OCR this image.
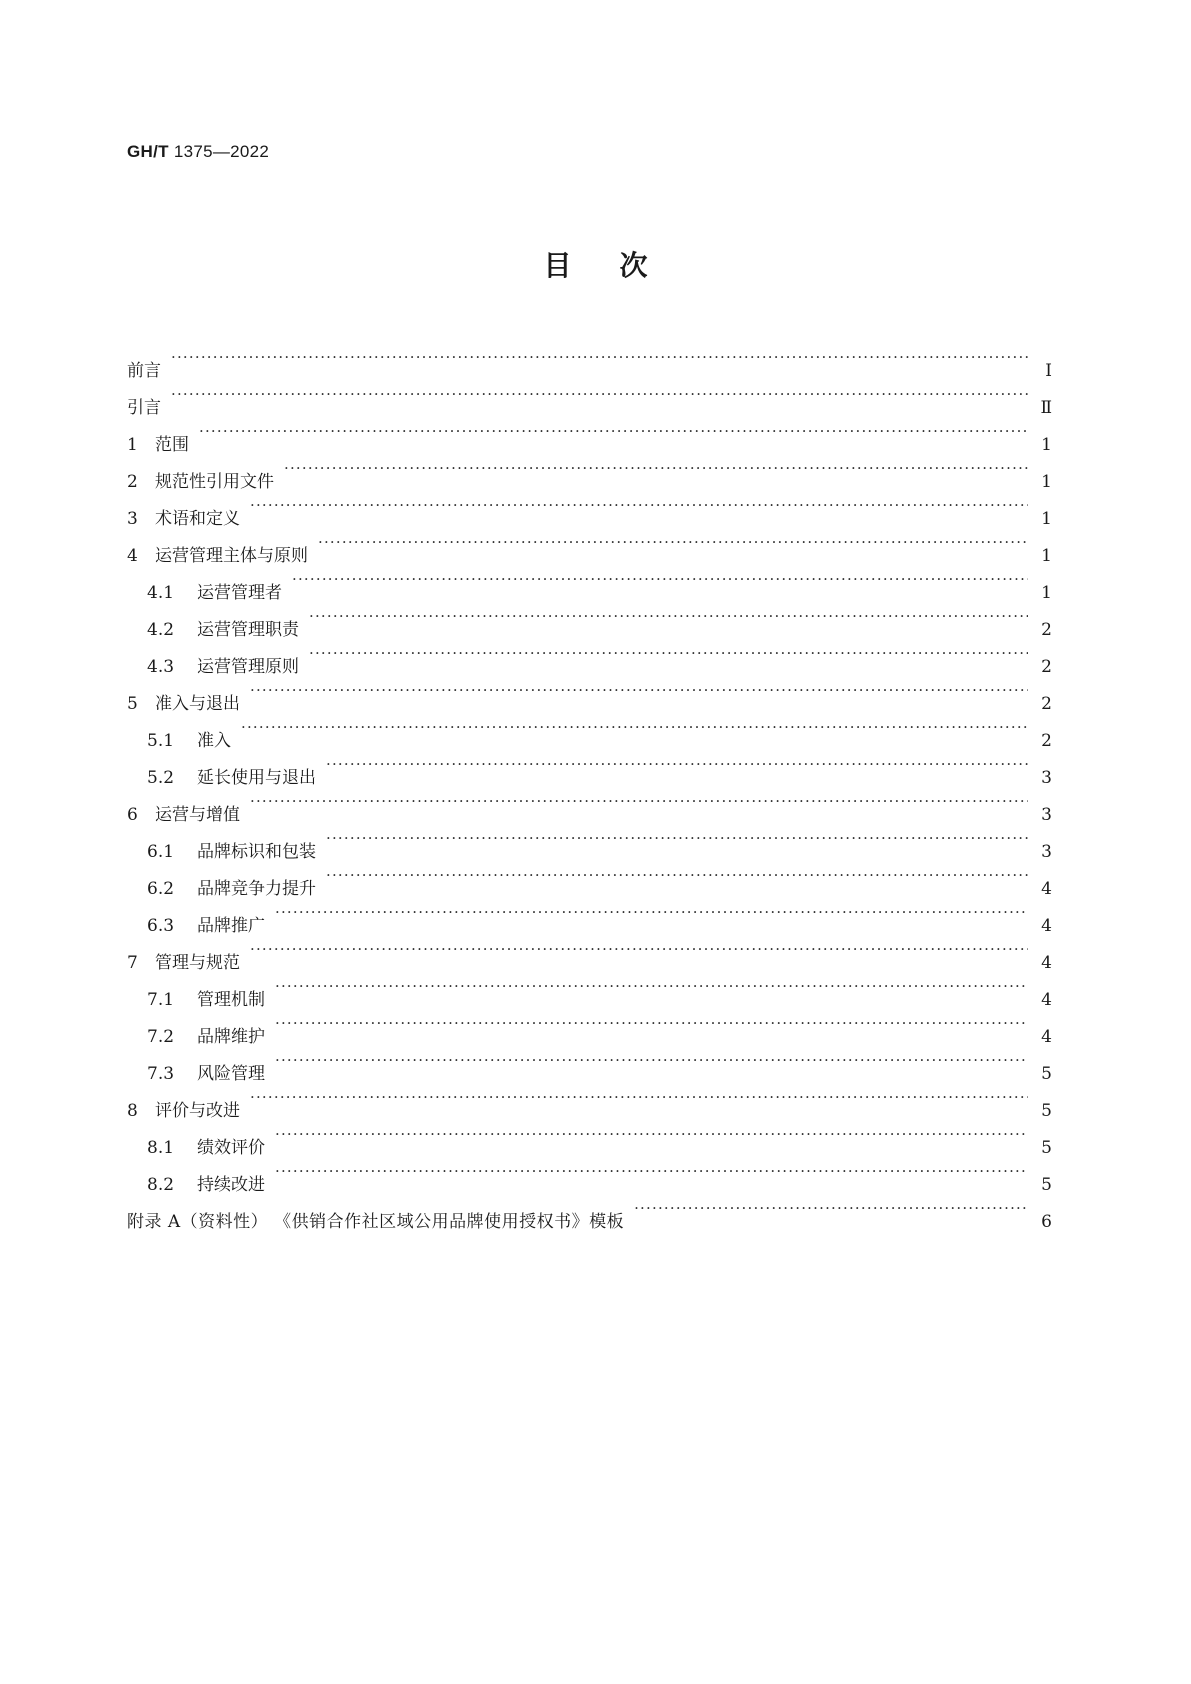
GH/T 1375—2022
目次
前言 ·····	Ⅰ
引言 ·····	Ⅱ
1	范围 ·····	1
2	规范性引用文件 ·····	1
3	术语和定义 ·····	1
4	运营管理主体与原则 ·····	1
4.1	运营管理者 ·····	1
4.2	运营管理职责 ·····	2
4.3	运营管理原则 ·····	2
5	准入与退出 ·····	2
5.1	准入 ·····	2
5.2	延长使用与退出 ·····	3
6	运营与增值 ·····	3
6.1	品牌标识和包装 ·····	3
6.2	品牌竞争力提升 ·····	4
6.3	品牌推广 ·····	4
7	管理与规范 ·····	4
7.1	管理机制 ·····	4
7.2	品牌维护 ·····	4
7.3	风险管理 ·····	5
8	评价与改进 ·····	5
8.1	绩效评价 ·····	5
8.2	持续改进 ·····	5
附录 A（资料性） 《供销合作社区域公用品牌使用授权书》模板 ·····	6
